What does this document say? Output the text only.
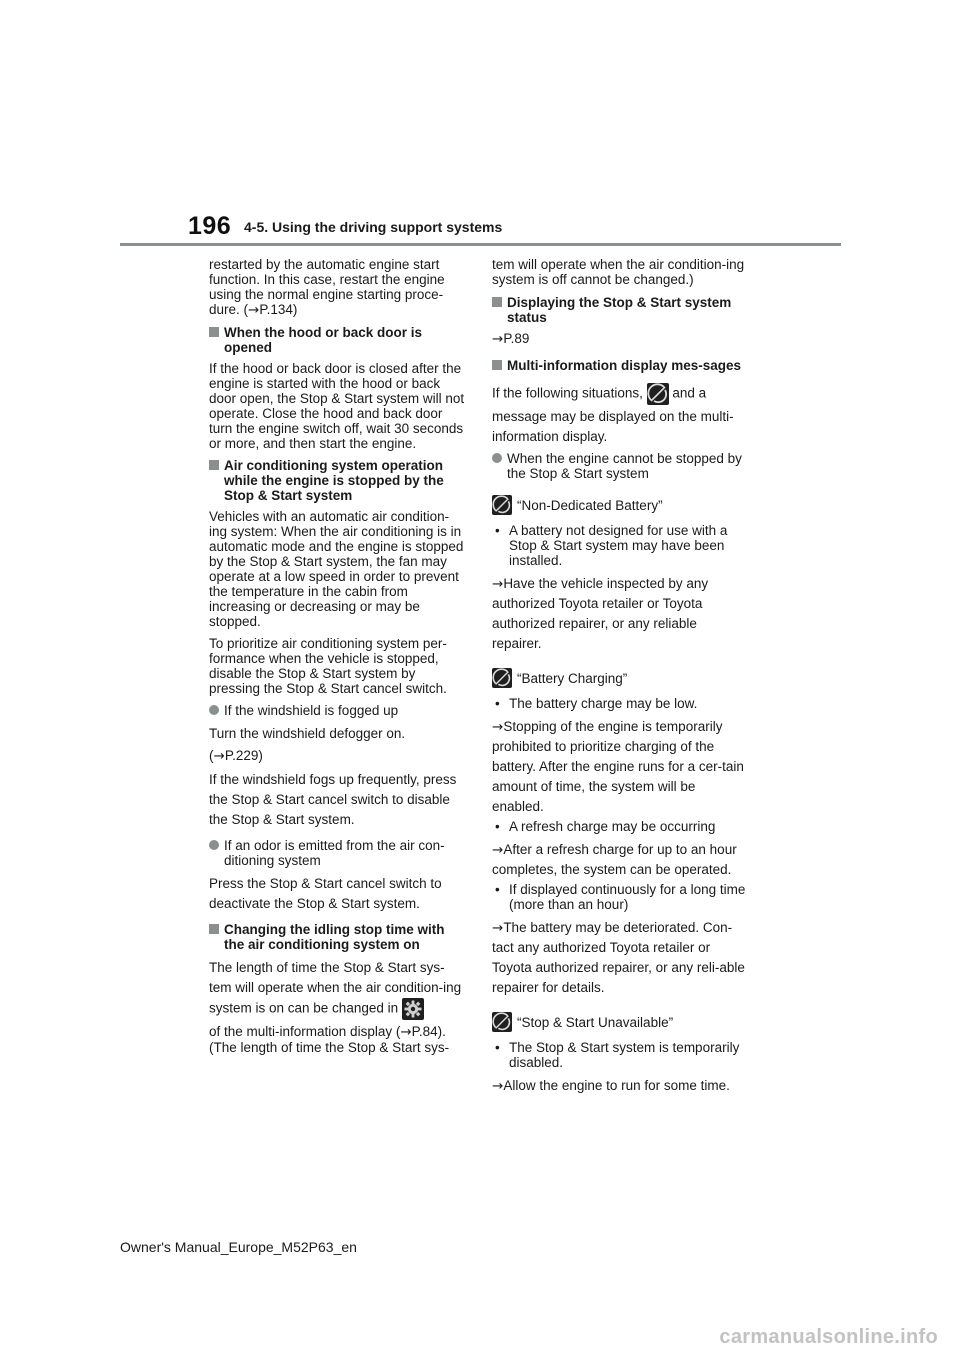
196 4-5. Using the driving support systems

restarted by the automatic engine start function. In this case, restart the engine using the normal engine starting proce-dure. (→P.134)

When the hood or back door is opened

If the hood or back door is closed after the engine is started with the hood or back door open, the Stop & Start system will not operate. Close the hood and back door turn the engine switch off, wait 30 seconds or more, and then start the engine.

Air conditioning system operation while the engine is stopped by the Stop & Start system

Vehicles with an automatic air condition-ing system: When the air conditioning is in automatic mode and the engine is stopped by the Stop & Start system, the fan may operate at a low speed in order to prevent the temperature in the cabin from increasing or decreasing or may be stopped.

To prioritize air conditioning system per-formance when the vehicle is stopped, disable the Stop & Start system by pressing the Stop & Start cancel switch.

If the windshield is fogged up

Turn the windshield defogger on.

(→P.229)

If the windshield fogs up frequently, press the Stop & Start cancel switch to disable the Stop & Start system.

If an odor is emitted from the air con-ditioning system

Press the Stop & Start cancel switch to deactivate the Stop & Start system.

Changing the idling stop time with the air conditioning system on

The length of time the Stop & Start sys-tem will operate when the air condition-ing system is on can be changed in

of the multi-information display (→P.84). (The length of time the Stop & Start sys-

tem will operate when the air condition-ing system is off cannot be changed.)

Displaying the Stop & Start system status

→P.89

Multi-information display mes-sages

If the following situations, and a

message may be displayed on the multi-information display.

When the engine cannot be stopped by the Stop & Start system
“Non-Dedicated Battery”
• A battery not designed for use with a Stop & Start system may have been installed.

→Have the vehicle inspected by any authorized Toyota retailer or Toyota authorized repairer, or any reliable repairer.

“Battery Charging”
• The battery charge may be low.

→Stopping of the engine is temporarily prohibited to prioritize charging of the battery. After the engine runs for a cer-tain amount of time, the system will be enabled.

• A refresh charge may be occurring

→After a refresh charge for up to an hour completes, the system can be operated.

• If displayed continuously for a long time (more than an hour)

→The battery may be deteriorated. Con-tact any authorized Toyota retailer or Toyota authorized repairer, or any reli-able repairer for details.

“Stop & Start Unavailable”
• The Stop & Start system is temporarily disabled.

→Allow the engine to run for some time.

Owner's Manual_Europe_M52P63_en
carmanualsonline.info
